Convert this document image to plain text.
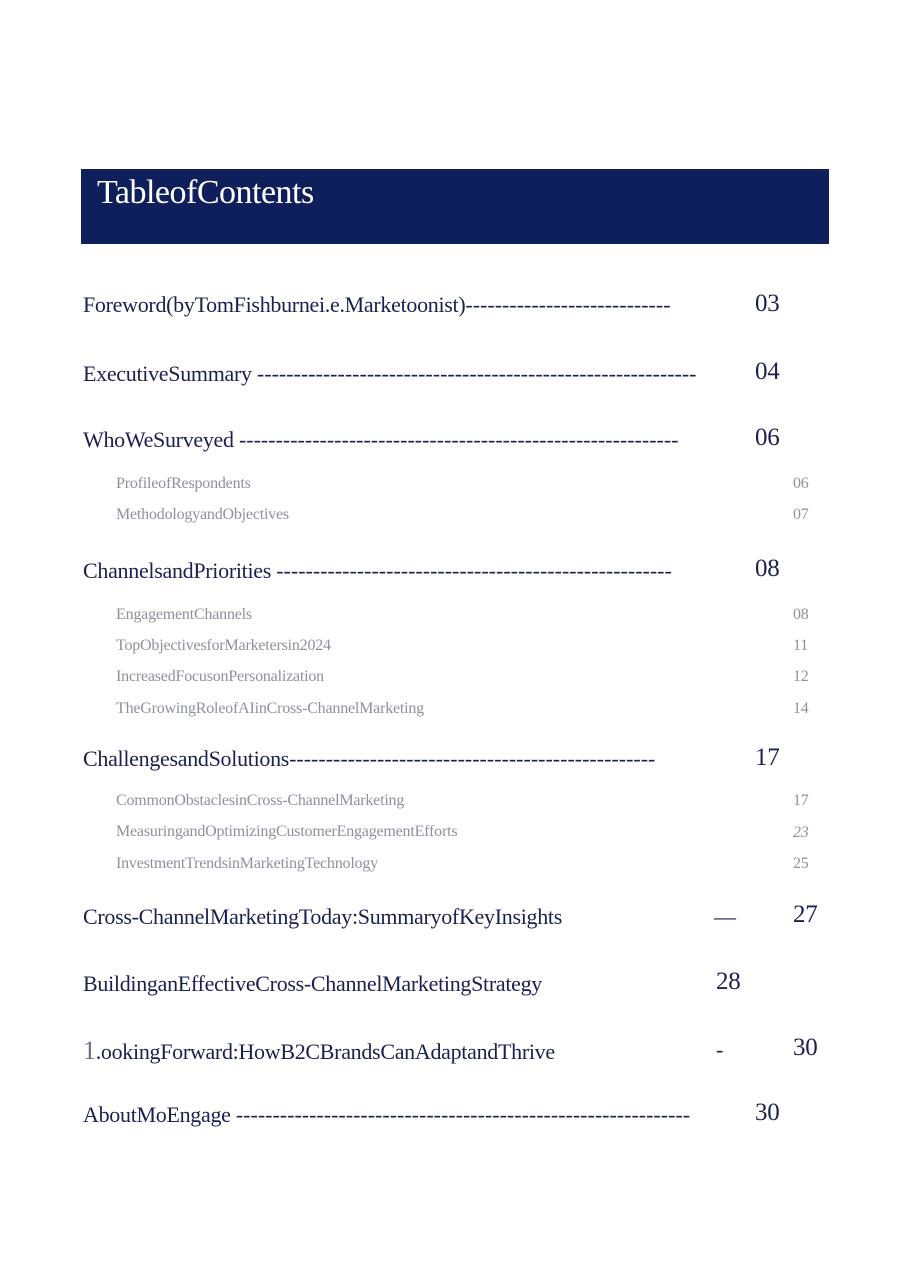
TableofContents
Foreword(byTomFishburnei.e.Marketoonist)----------------------------	03
ExecutiveSummary ------------------------------------------------------------ 04
WhoWeSurveyed ------------------------------------------------------------	06
ProfileofRespondents	06
MethodologyandObjectives	07
ChannelsandPriorities ------------------------------------------------------	08
EngagementChannels	08
TopObjectivesforMarketersin2024	11
IncreasedFocusonPersonalization	12
TheGrowingRoleofAIinCross-ChannelMarketing	14
ChallengesandSolutions--------------------------------------------------	17
CommonObstaclesinCross-ChannelMarketing	17
MeasuringandOptimizingCustomerEngagementEfforts	23
InvestmentTrendsinMarketingTechnology	25
Cross-ChannelMarketingToday:SummaryofKeyInsights	— 27
BuildinganEffectiveCross-ChannelMarketingStrategy	28
1.ookingForward:HowB2CBrandsCanAdaptandThrive	-	30
AboutMoEngage --------------------------------------------------------------	30
